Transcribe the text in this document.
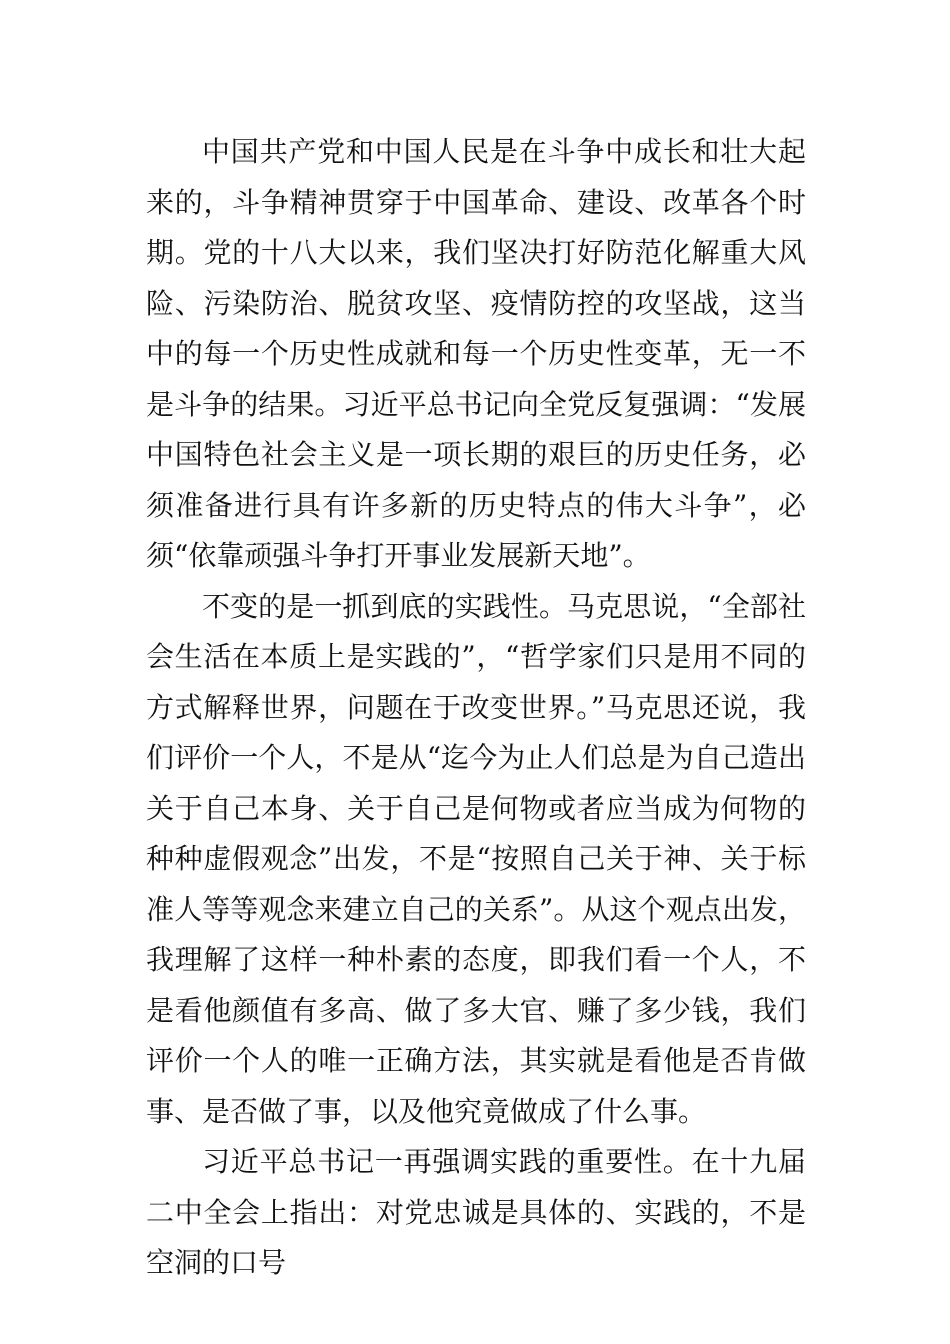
中国共产党和中国人民是在斗争中成长和壮大起来的，斗争精神贯穿于中国革命、建设、改革各个时期。党的十八大以来，我们坚决打好防范化解重大风险、污染防治、脱贫攻坚、疫情防控的攻坚战，这当中的每一个历史性成就和每一个历史性变革，无一不是斗争的结果。习近平总书记向全党反复强调：“发展中国特色社会主义是一项长期的艰巨的历史任务，必须准备进行具有许多新的历史特点的伟大斗争”，必须“依靠顽强斗争打开事业发展新天地”。

不变的是一抓到底的实践性。马克思说，“全部社会生活在本质上是实践的”，“哲学家们只是用不同的方式解释世界，问题在于改变世界。”马克思还说，我们评价一个人，不是从“迄今为止人们总是为自己造出关于自己本身、关于自己是何物或者应当成为何物的种种虚假观念”出发，不是“按照自己关于神、关于标准人等等观念来建立自己的关系”。从这个观点出发，我理解了这样一种朴素的态度，即我们看一个人，不是看他颜值有多高、做了多大官、赚了多少钱，我们评价一个人的唯一正确方法，其实就是看他是否肯做事、是否做了事，以及他究竟做成了什么事。

习近平总书记一再强调实践的重要性。在十九届二中全会上指出：对党忠诚是具体的、实践的，不是空洞的口号
